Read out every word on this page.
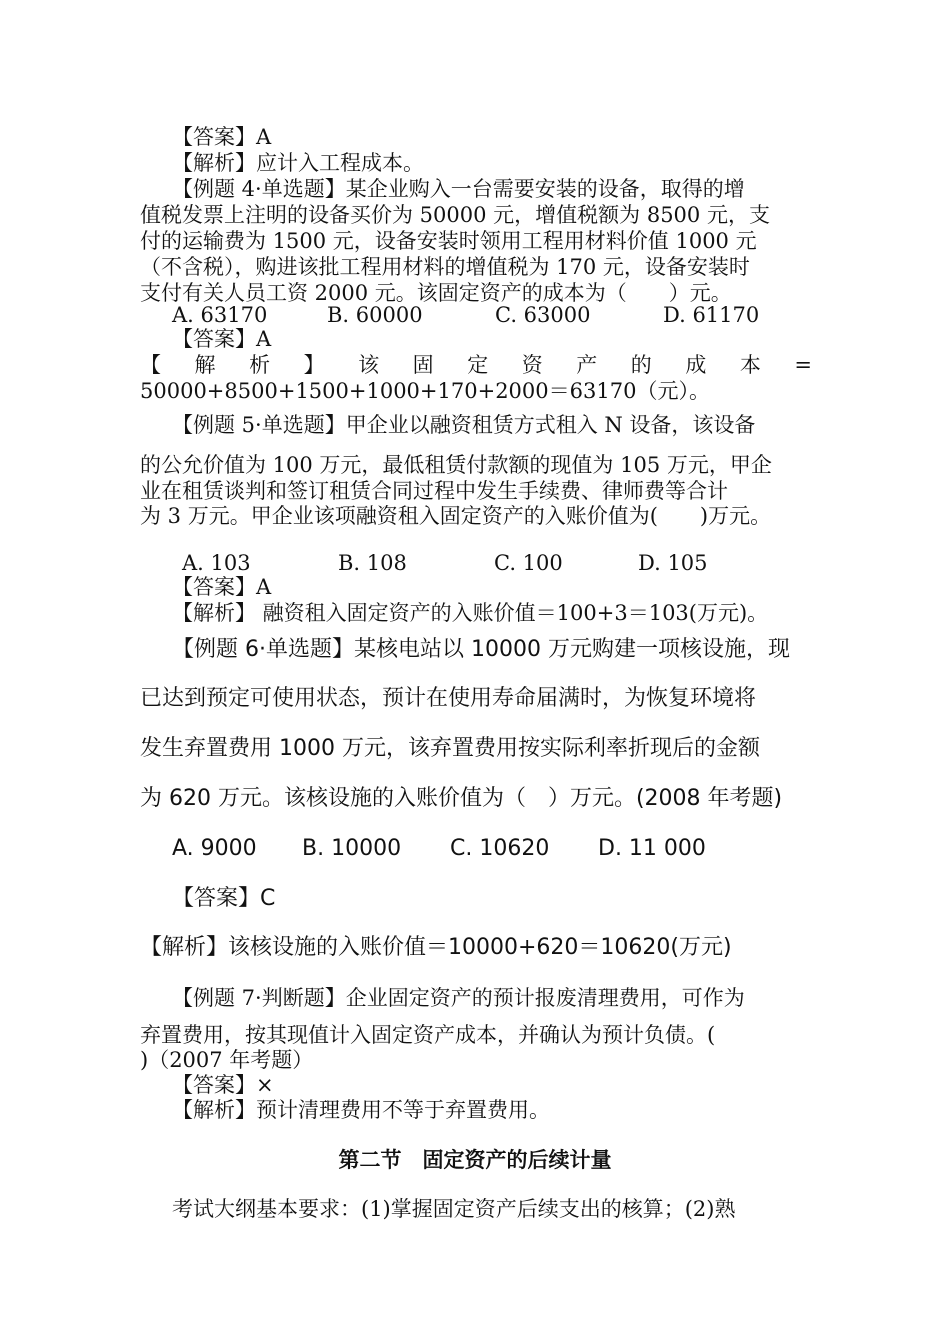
【答案】A
【解析】应计入工程成本。
【例题 4·单选题】某企业购入一台需要安装的设备，取得的增
值税发票上注明的设备买价为 50000 元，增值税额为 8500 元，支
付的运输费为 1500 元，设备安装时领用工程用材料价值 1000 元
（不含税），购进该批工程用材料的增值税为 170 元，设备安装时
支付有关人员工资 2000 元。该固定资产的成本为（　　）元。
A. 63170	B. 60000	C. 63000	D. 61170
【答案】A
【 解 析 】 该 固 定 资 产 的 成 本 =
50000+8500+1500+1000+170+2000＝63170（元）。
【例题 5·单选题】甲企业以融资租赁方式租入 N 设备，该设备
的公允价值为 100 万元，最低租赁付款额的现值为 105 万元，甲企
业在租赁谈判和签订租赁合同过程中发生手续费、律师费等合计
为 3 万元。甲企业该项融资租入固定资产的入账价值为(　　)万元。
A. 103	B. 108	C. 100	D. 105
【答案】A
【解析】 融资租入固定资产的入账价值＝100+3＝103(万元)。
【例题 6·单选题】某核电站以 10000 万元购建一项核设施，现
已达到预定可使用状态，预计在使用寿命届满时，为恢复环境将
发生弃置费用 1000 万元，该弃置费用按实际利率折现后的金额
为 620 万元。该核设施的入账价值为（　）万元。(2008 年考题)
A. 9000 B. 10000 C. 10620 D. 11 000
【答案】C
【解析】该核设施的入账价值＝10000+620＝10620(万元)
【例题 7·判断题】企业固定资产的预计报废清理费用，可作为
弃置费用，按其现值计入固定资产成本，并确认为预计负债。(
)（2007 年考题）
【答案】×
【解析】预计清理费用不等于弃置费用。
第二节　固定资产的后续计量
考试大纲基本要求：(1)掌握固定资产后续支出的核算；(2)熟
